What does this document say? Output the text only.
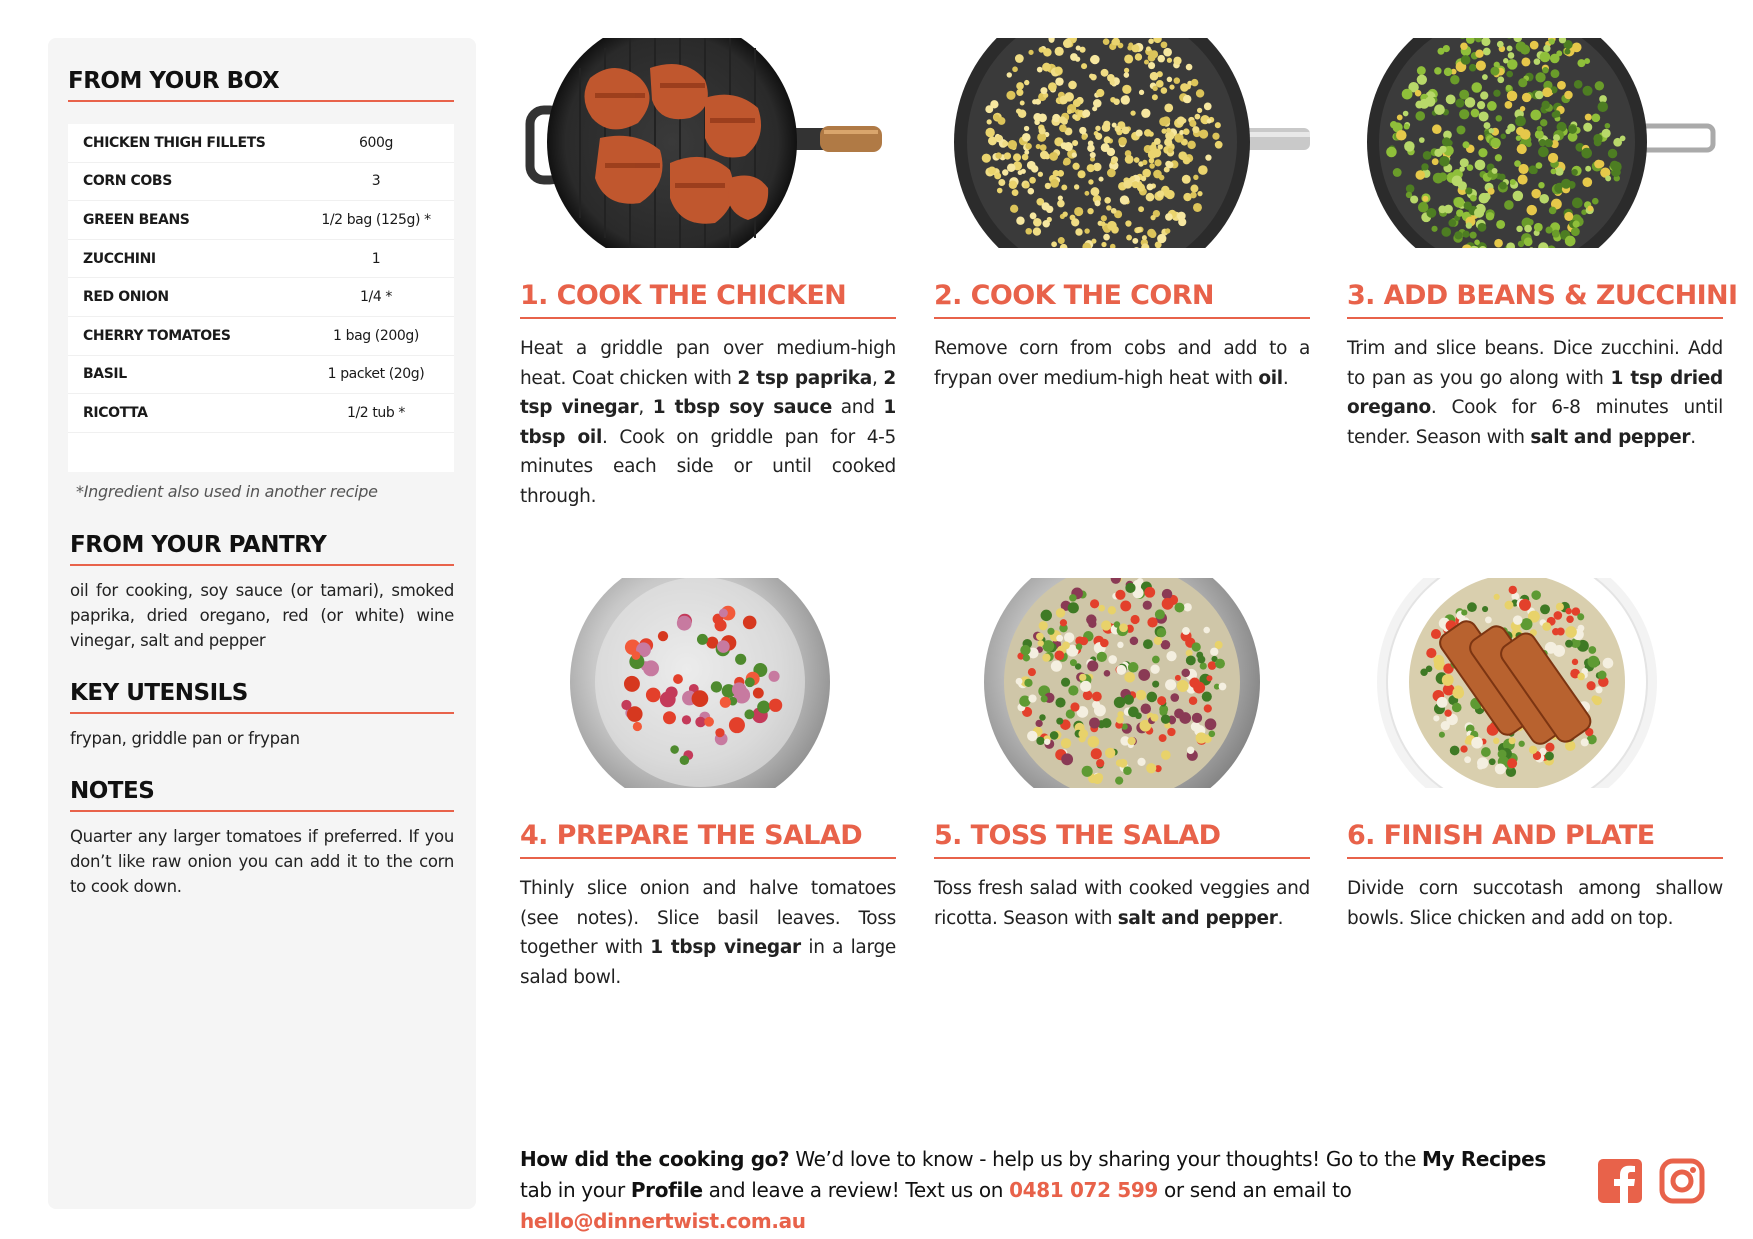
FROM YOUR BOX
CHICKEN THIGH FILLETS	600g
CORN COBS	3
GREEN BEANS	1/2 bag (125g) *
ZUCCHINI	1
RED ONION	1/4 *
CHERRY TOMATOES	1 bag (200g)
BASIL	1 packet (20g)
RICOTTA	1/2 tub *
*Ingredient also used in another recipe
FROM YOUR PANTRY
oil for cooking, soy sauce (or tamari), smoked paprika, dried oregano, red (or white) wine vinegar, salt and pepper
KEY UTENSILS
frypan, griddle pan or frypan
NOTES
Quarter any larger tomatoes if preferred. If you don’t like raw onion you can add it to the corn to cook down.
1. COOK THE CHICKEN
Heat a griddle pan over medium-high heat. Coat chicken with 2 tsp paprika, 2 tsp vinegar, 1 tbsp soy sauce and 1 tbsp oil. Cook on griddle pan for 4-5 minutes each side or until cooked through.
2. COOK THE CORN
Remove corn from cobs and add to a frypan over medium-high heat with oil.
3. ADD BEANS & ZUCCHINI
Trim and slice beans. Dice zucchini. Add to pan as you go along with 1 tsp dried oregano. Cook for 6-8 minutes until tender. Season with salt and pepper.
4. PREPARE THE SALAD
Thinly slice onion and halve tomatoes (see notes). Slice basil leaves. Toss together with 1 tbsp vinegar in a large salad bowl.
5. TOSS THE SALAD
Toss fresh salad with cooked veggies and ricotta. Season with salt and pepper.
6. FINISH AND PLATE
Divide corn succotash among shallow bowls. Slice chicken and add on top.
How did the cooking go? We’d love to know - help us by sharing your thoughts! Go to the My Recipes tab in your Profile and leave a review! Text us on 0481 072 599 or send an email to hello@dinnertwist.com.au
